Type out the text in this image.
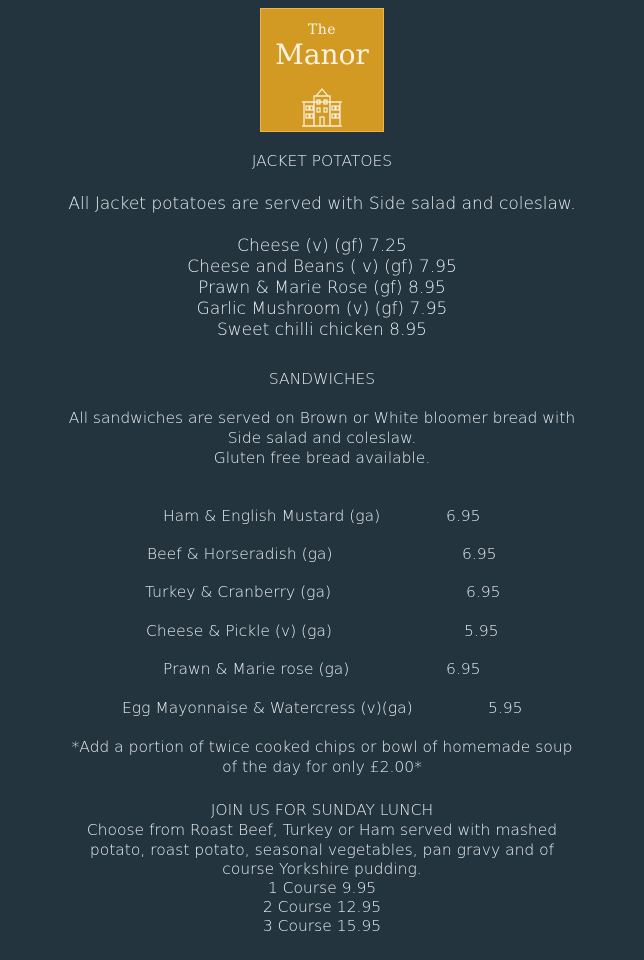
The
Manor
JACKET POTATOES
All Jacket potatoes are served with Side salad and coleslaw.
Cheese (v) (gf) 7.25
Cheese and Beans ( v) (gf) 7.95
Prawn & Marie Rose (gf) 8.95
Garlic Mushroom (v) (gf) 7.95
Sweet chilli chicken 8.95
SANDWICHES
All sandwiches are served on Brown or White bloomer bread with
Side salad and coleslaw.
Gluten free bread available.
Ham & English Mustard (ga)	6.95
Beef & Horseradish (ga)	6.95
Turkey & Cranberry (ga)	6.95
Cheese & Pickle (v) (ga)	5.95
Prawn & Marie rose (ga)	6.95
Egg Mayonnaise & Watercress (v)(ga)	5.95
*Add a portion of twice cooked chips or bowl of homemade soup
of the day for only £2.00*
JOIN US FOR SUNDAY LUNCH
Choose from Roast Beef, Turkey or Ham served with mashed
potato, roast potato, seasonal vegetables, pan gravy and of
course Yorkshire pudding.
1 Course 9.95
2 Course 12.95
3 Course 15.95
